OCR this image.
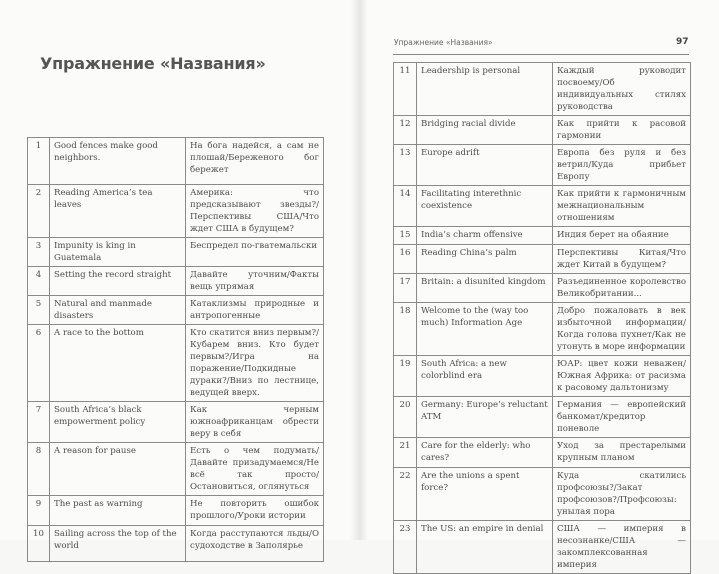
Упражнение «Названия»
Упражнение «Названия»	97
1	Good fences make good neighbors.	На бога надейся, а сам не плошай/Береженого бог бережет
2	Reading America’s tea leaves	Америка: что предсказывают звезды?/Перспективы США/Что ждет США в будущем?
3	Impunity is king in Guatemala	Беспредел по-гватемальски
4	Setting the record straight	Давайте уточним/Факты вещь упрямая
5	Natural and manmade disasters	Катаклизмы природные и антропогенные
6	A race to the bottom	Кто скатится вниз первым?/Кубарем вниз. Кто будет первым?/Игра на поражение/Подкидные дураки?/Вниз по лестнице, ведущей вверх.
7	South Africa’s black empowerment policy	Как черным южноафриканцам обрести веру в себя
8	A reason for pause	Есть о чем подумать/Давайте призадумаемся/Не всё так просто/Остановиться, оглянуться
9	The past as warning	Не повторить ошибок прошлого/Уроки истории
10	Sailing across the top of the world	Когда расступаются льды/О судоходстве в Заполярье
11	Leadership is personal	Каждый руководит посвоему/Об индивидуальных стилях руководства
12	Bridging racial divide	Как прийти к расовой гармонии
13	Europe adrift	Европа без руля и без ветрил/Куда прибьет Европу
14	Facilitating interethnic coexistence	Как прийти к гармоничным межнациональным отношениям
15	India’s charm offensive	Индия берет на обаяние
16	Reading China’s palm	Перспективы Китая/Что ждет Китай в будущем?
17	Britain: a disunited kingdom	Разъединенное королевство Великобритании...
18	Welcome to the (way too much) Information Age	Добро пожаловать в век избыточной информации/Когда голова пухнет/Как не утонуть в море информации
19	South Africa: a new colorblind era	ЮАР: цвет кожи неважен/Южная Африка: от расизма к расовому дальтонизму
20	Germany: Europe’s reluctant ATM	Германия — европейский банкомат/кредитор поневоле
21	Care for the elderly: who cares?	Уход за престарелыми крупным планом
22	Are the unions a spent force?	Куда скатились профсоюзы?/Закат профсоюзов?/Профсоюзы: унылая пора
23	The US: an empire in denial	США — империя в несознанке/США — закомплексованная империя
